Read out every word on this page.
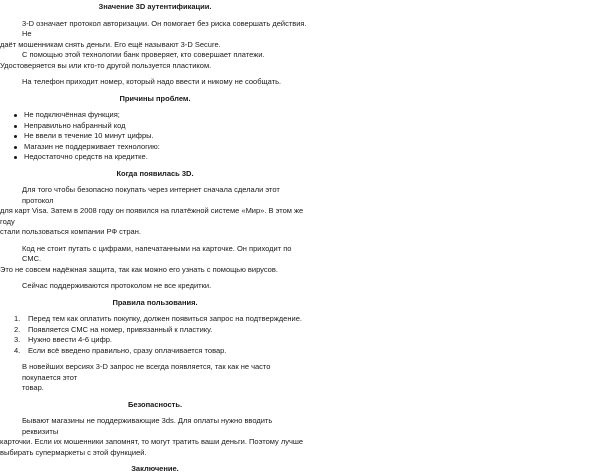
Значение 3D аутентификации.

3-D означает протокол авторизации. Он помогает без риска совершать действия. Не

даёт мошенникам снять деньги. Его ещё называют 3-D Secure.

С помощью этой технологии банк проверяет, кто совершает платежи.

Удостоверяется вы или кто-то другой пользуется пластиком.

На телефон приходит номер, который надо ввести и никому не сообщать.

Причины проблем.

Не подключённая функция;
Неправильно набранный код
Не ввели в течение 10 минут цифры.
Магазин не поддерживает технологию:
Недостаточно средств на кредитке.

Когда появилась 3D.

Для того чтобы безопасно покупать через интернет сначала сделали этот протокол

для карт Visa. Затем в 2008 году он появился на платёжной системе «Мир». В этом же году

стали пользоваться компании РФ стран.

Код не стоит путать с цифрами, напечатанными на карточке. Он приходит по СМС.

Это не совсем надёжная защита, так как можно его узнать с помощью вирусов.

Сейчас поддерживаются протоколом не все кредитки.

Правила пользования.

1. Перед тем как оплатить покупку, должен появиться запрос на подтверждение.
2. Появляется СМС на номер, привязанный к пластику.
3. Нужно ввести 4-6 цифр.
4. Если всё введено правильно, сразу оплачивается товар.

В новейших версиях 3-D запрос не всегда появляется, так как не часто покупается этот

товар.

Безопасность.

Бывают магазины не поддерживающие 3ds. Для оплаты нужно вводить реквизиты

карточки. Если их мошенники запомнят, то могут тратить ваши деньги. Поэтому лучше

выбирать супермаркеты с этой функцией.

Заключение.
